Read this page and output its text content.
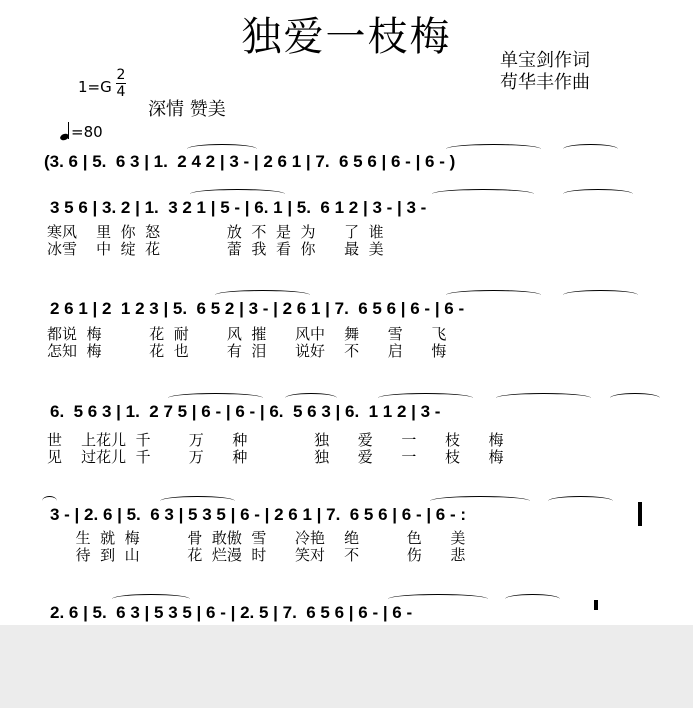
独爱一枝梅
单宝剑作词
苟华丰作曲
1=G
2
4
深情 赞美
=80
(3. 6 | 5.  6 3 | 1.  2 4 2 | 3 - | 2 6 1 | 7.  6 5 6 | 6 - | 6 - )
3 5 6 | 3. 2 | 1.  3 2 1 | 5 - | 6. 1 | 5.  6 1 2 | 3 - | 3 -
寒风    里  你  怒              放  不  是  为      了  谁
冰雪    中  绽  花              蕾  我  看  你      最  美
2 6 1 | 2  1 2 3 | 5.  6 5 2 | 3 - | 2 6 1 | 7.  6 5 6 | 6 - | 6 -
都说  梅          花  耐        风  摧      风中    舞      雪      飞
怎知  梅          花  也        有  泪      说好    不      启      悔
6.  5 6 3 | 1.  2 7 5 | 6 - | 6 - | 6.  5 6 3 | 6.  1 1 2 | 3 -
世    上花儿  千        万      种              独      爱      一      枝      梅
见    过花儿  千        万      种              独      爱      一      枝      梅
3 - | 2. 6 | 5.  6 3 | 5 3 5 | 6 - | 2 6 1 | 7.  6 5 6 | 6 - | 6 - :
生  就  梅          骨  敢傲  雪      冷艳    绝          色      美
待  到  山          花  烂漫  时      笑对    不          伤      悲
2. 6 | 5.  6 3 | 5 3 5 | 6 - | 2. 5 | 7.  6 5 6 | 6 - | 6 -
